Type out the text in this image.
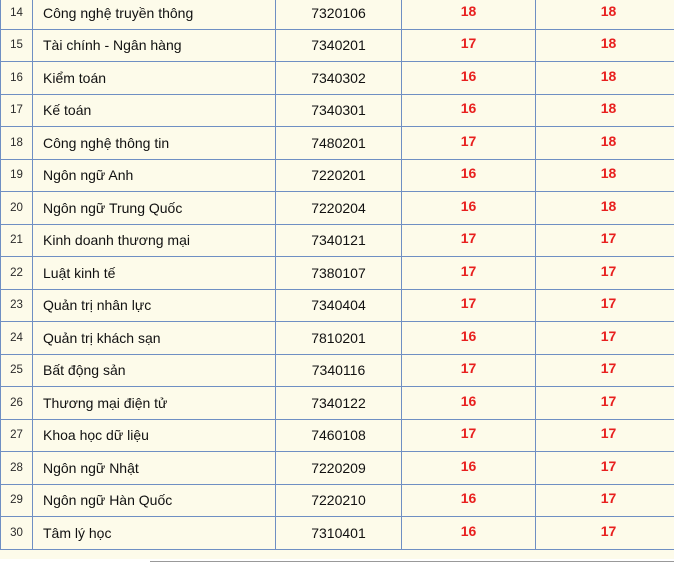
14	Công nghệ truyền thông	7320106	18	18
15	Tài chính - Ngân hàng	7340201	17	18
16	Kiểm toán	7340302	16	18
17	Kế toán	7340301	16	18
18	Công nghệ thông tin	7480201	17	18
19	Ngôn ngữ Anh	7220201	16	18
20	Ngôn ngữ Trung Quốc	7220204	16	18
21	Kinh doanh thương mại	7340121	17	17
22	Luật kinh tế	7380107	17	17
23	Quản trị nhân lực	7340404	17	17
24	Quản trị khách sạn	7810201	16	17
25	Bất động sản	7340116	17	17
26	Thương mại điện tử	7340122	16	17
27	Khoa học dữ liệu	7460108	17	17
28	Ngôn ngữ Nhật	7220209	16	17
29	Ngôn ngữ Hàn Quốc	7220210	16	17
30	Tâm lý học	7310401	16	17
